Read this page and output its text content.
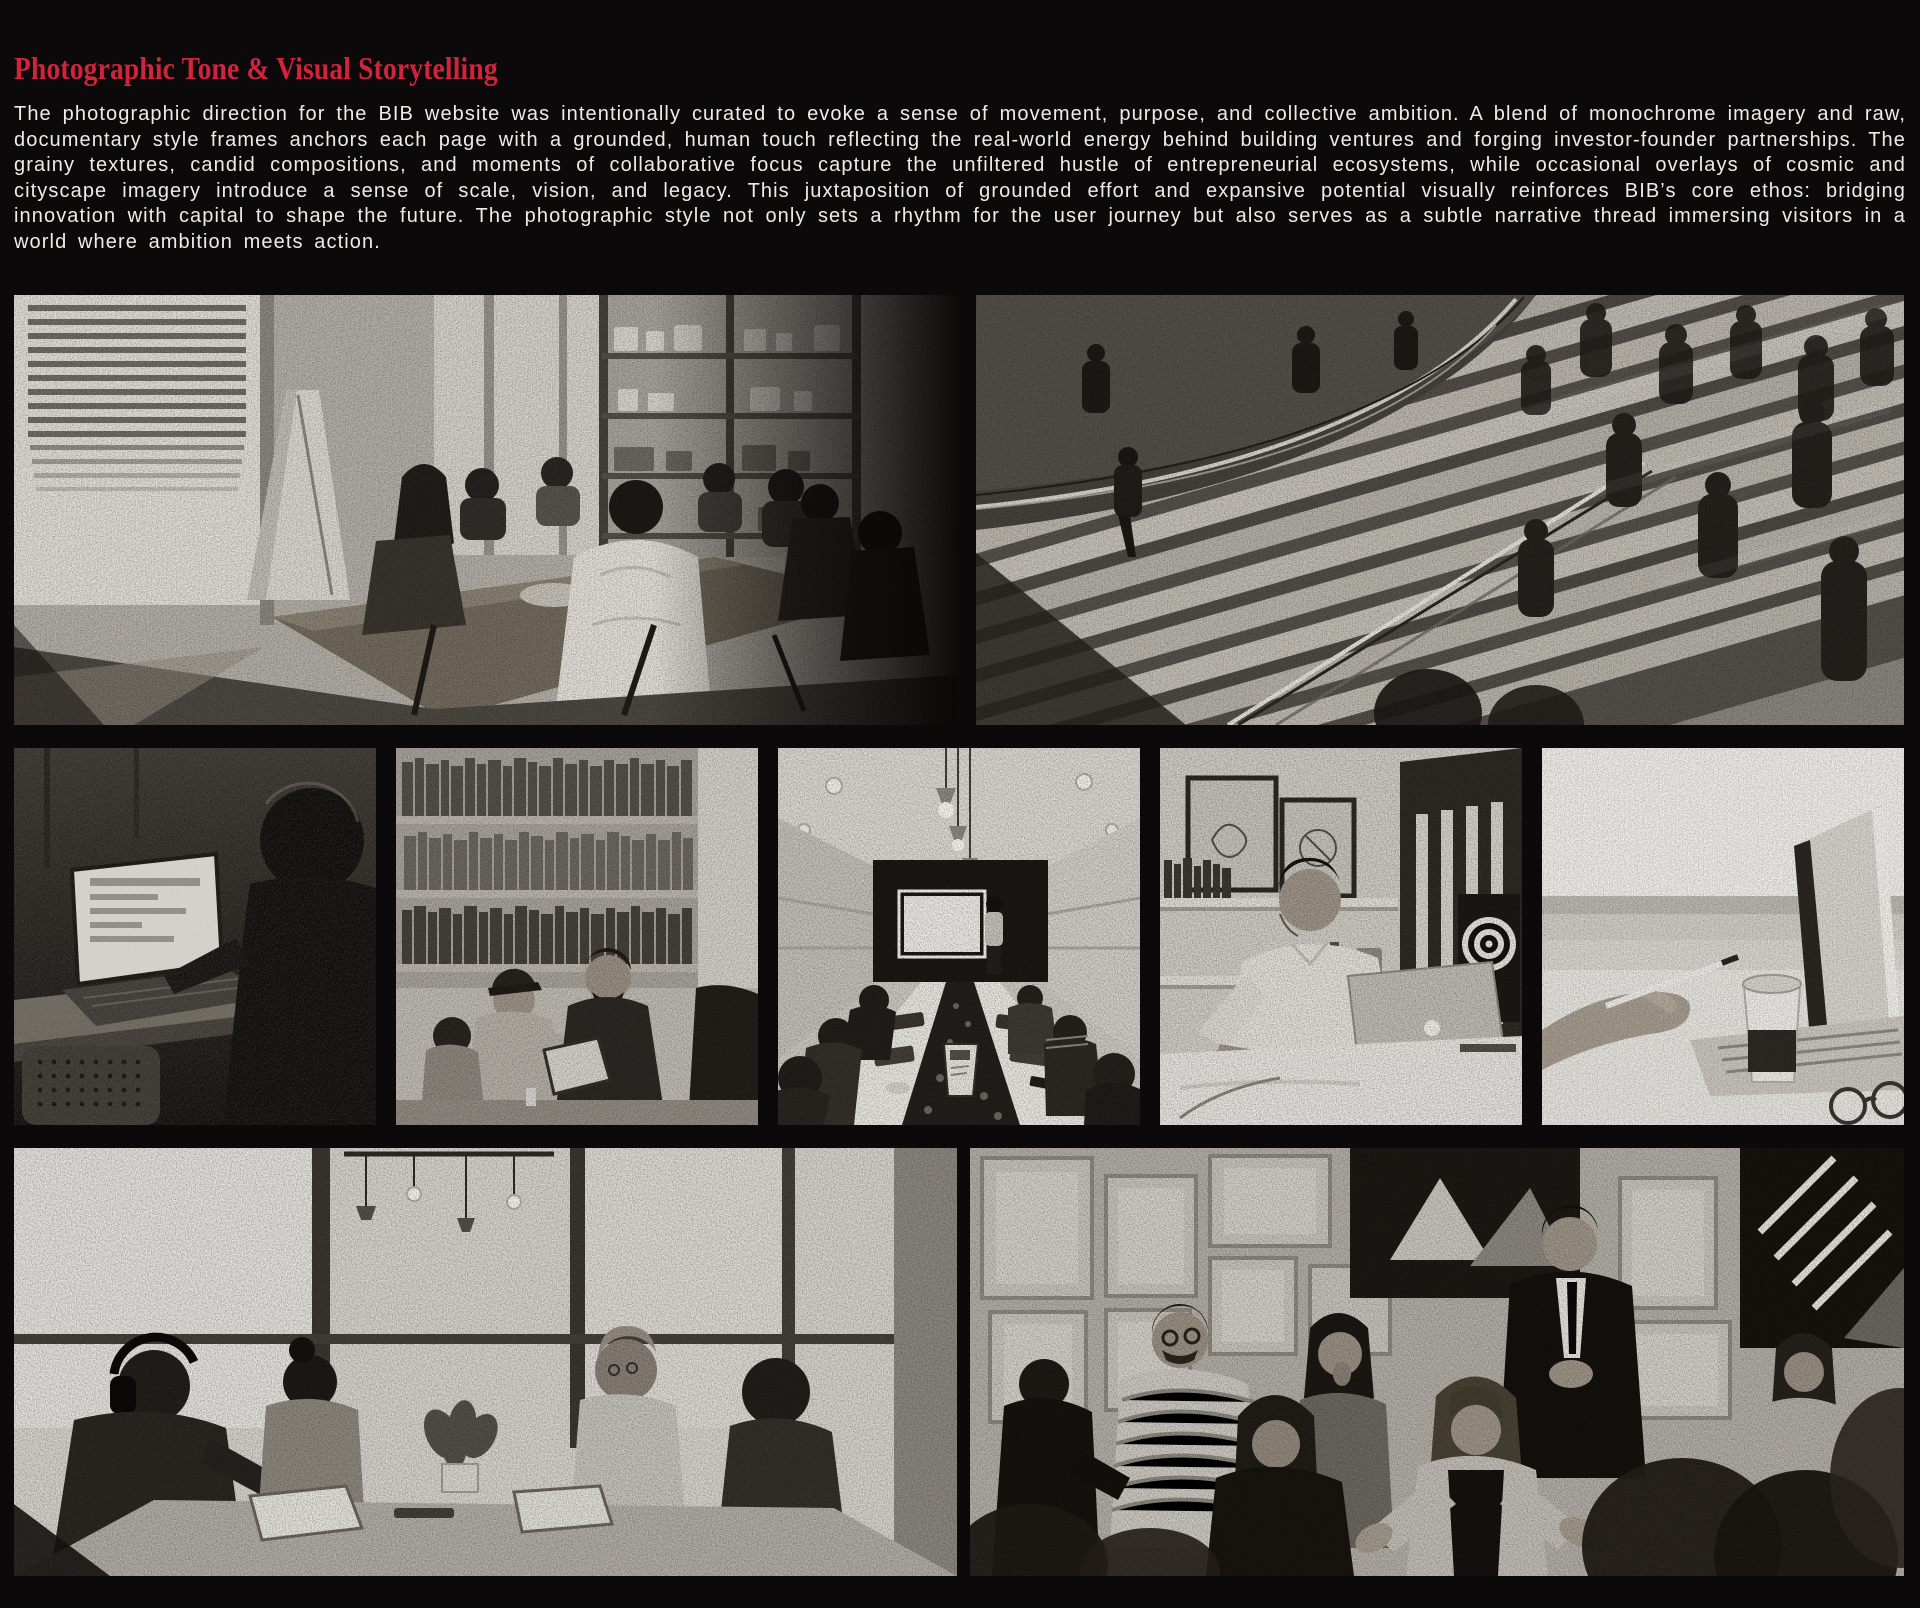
Photographic Tone & Visual Storytelling

The photographic direction for the BIB website was intentionally curated to evoke a sense of movement, purpose, and collective ambition. A blend of monochrome imagery and raw, documentary style frames anchors each page with a grounded, human touch reflecting the real-world energy behind building ventures and forging investor-founder partnerships. The grainy textures, candid compositions, and moments of collaborative focus capture the unfiltered hustle of entrepreneurial ecosystems, while occasional overlays of cosmic and cityscape imagery introduce a sense of scale, vision, and legacy. This juxtaposition of grounded effort and expansive potential visually reinforces BIB’s core ethos: bridging innovation with capital to shape the future. The photographic style not only sets a rhythm for the user journey but also serves as a subtle narrative thread immersing visitors in a world where ambition meets action.
